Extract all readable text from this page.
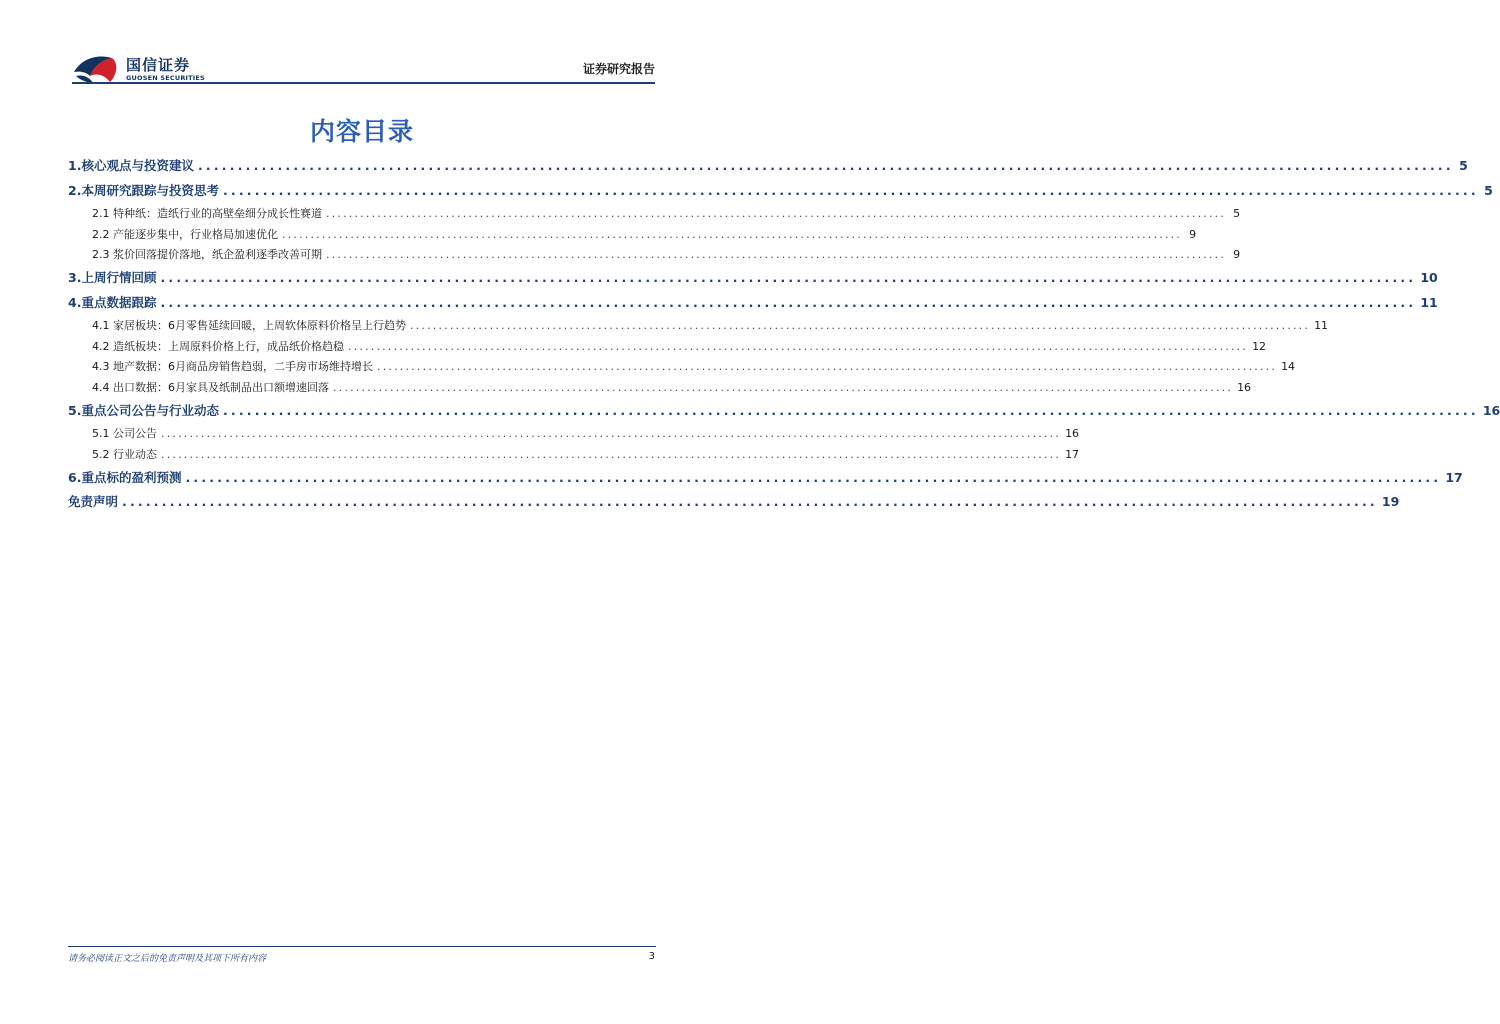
国信证券
GUOSEN SECURITIES
证券研究报告
内容目录
1.核心观点与投资建议 .............................................................................................................................................................. 5
2.本周研究跟踪与投资思考 .............................................................................................................................................................. 5
2.1 特种纸：造纸行业的高壁垒细分成长性赛道 .............................................................................................................................................................. 5
2.2 产能逐步集中，行业格局加速优化 .............................................................................................................................................................. 9
2.3 浆价回落提价落地，纸企盈利逐季改善可期 .............................................................................................................................................................. 9
3.上周行情回顾 .............................................................................................................................................................. 10
4.重点数据跟踪 .............................................................................................................................................................. 11
4.1 家居板块：6月零售延续回暖，上周软体原料价格呈上行趋势 .............................................................................................................................................................. 11
4.2 造纸板块：上周原料价格上行，成品纸价格趋稳 .............................................................................................................................................................. 12
4.3 地产数据：6月商品房销售趋弱，二手房市场维持增长 .............................................................................................................................................................. 14
4.4 出口数据：6月家具及纸制品出口额增速回落 .............................................................................................................................................................. 16
5.重点公司公告与行业动态 .............................................................................................................................................................. 16
5.1 公司公告 .............................................................................................................................................................. 16
5.2 行业动态 .............................................................................................................................................................. 17
6.重点标的盈利预测 .............................................................................................................................................................. 17
免责声明 .............................................................................................................................................................. 19
请务必阅读正文之后的免责声明及其项下所有内容	3
